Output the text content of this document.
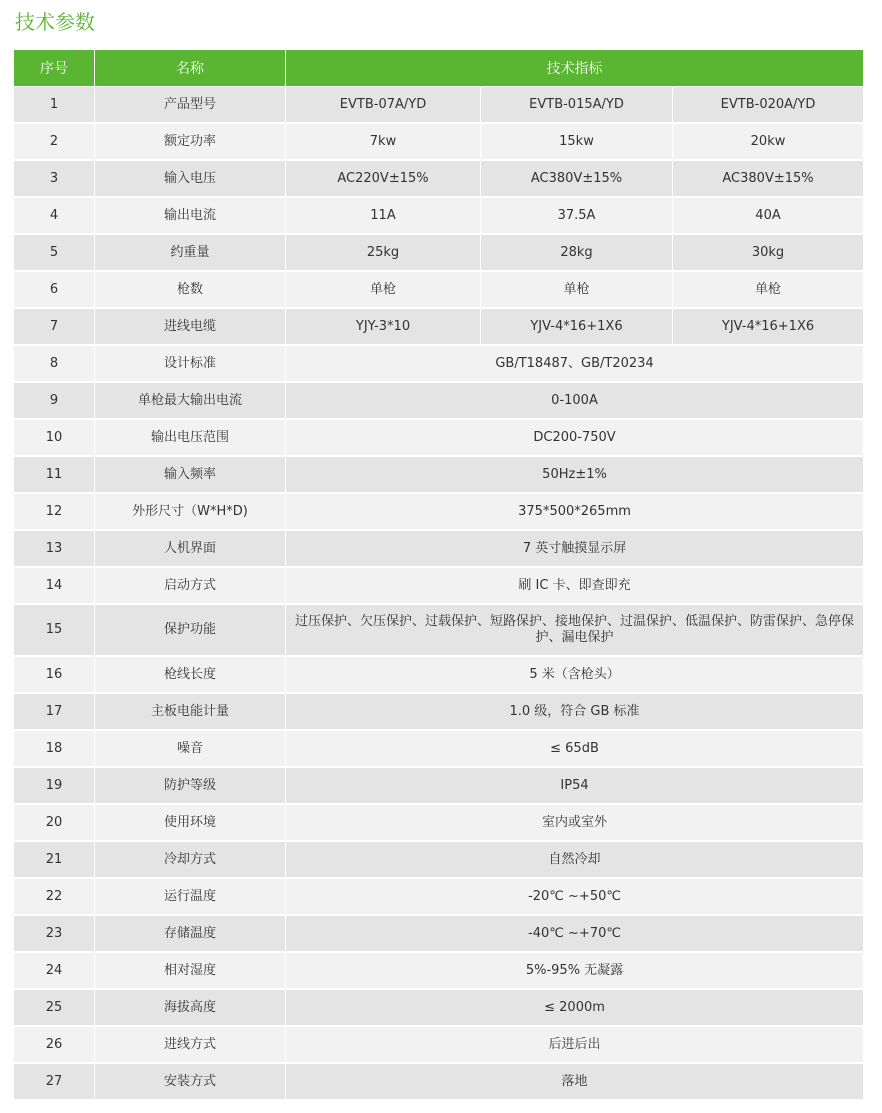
技术参数
序号	名称	技术指标		
1	产品型号	EVTB-07A/YD	EVTB-015A/YD	EVTB-020A/YD
2	额定功率	7kw	15kw	20kw
3	输入电压	AC220V±15%	AC380V±15%	AC380V±15%
4	输出电流	11A	37.5A	40A
5	约重量	25kg	28kg	30kg
6	枪数	单枪	单枪	单枪
7	进线电缆	YJY-3*10	YJV-4*16+1X6	YJV-4*16+1X6
8	设计标准	GB/T18487、GB/T20234		
9	单枪最大输出电流	0-100A		
10	输出电压范围	DC200-750V		
11	输入频率	50Hz±1%		
12	外形尺寸（W*H*D)	375*500*265mm		
13	人机界面	7 英寸触摸显示屏		
14	启动方式	刷 IC 卡、即查即充		
15	保护功能	过压保护、欠压保护、过载保护、短路保护、接地保护、过温保护、低温保护、防雷保护、急停保护、漏电保护		
16	枪线长度	5 米（含枪头）		
17	主板电能计量	1.0 级，符合 GB 标准		
18	噪音	≤ 65dB		
19	防护等级	IP54		
20	使用环境	室内或室外		
21	冷却方式	自然冷却		
22	运行温度	-20℃ ~+50℃		
23	存储温度	-40℃ ~+70℃		
24	相对湿度	5%-95% 无凝露		
25	海拔高度	≤ 2000m		
26	进线方式	后进后出		
27	安装方式	落地		
